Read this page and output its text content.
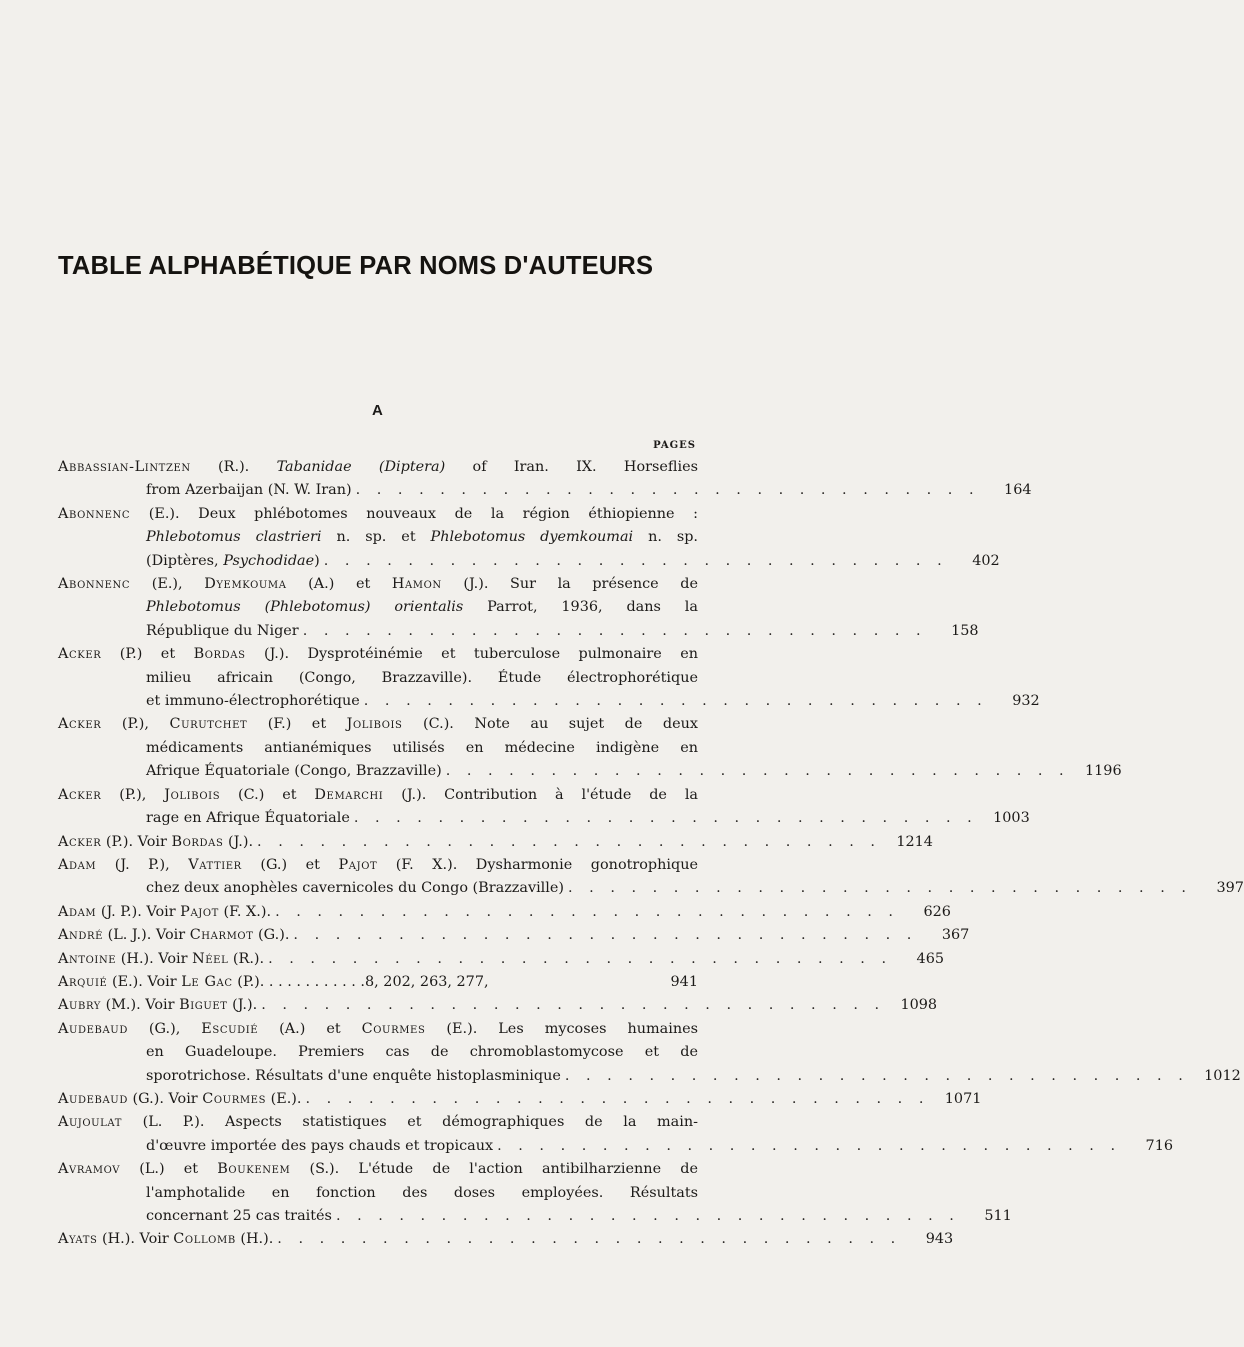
TABLE ALPHABÉTIQUE PAR NOMS D'AUTEURS
A
PAGES
Abbassian-Lintzen (R.). Tabanidae (Diptera) of Iran. IX. Horseflies
from Azerbaijan (N. W. Iran) . . . . . . . . . . . . . . . . . . . . . . . . . . . . . .	164
Abonnenc (E.). Deux phlébotomes nouveaux de la région éthiopienne :
Phlebotomus clastrieri n. sp. et Phlebotomus dyemkoumai n. sp.
(Diptères, Psychodidae) . . . . . . . . . . . . . . . . . . . . . . . . . . . . . .	402
Abonnenc (E.), Dyemkouma (A.) et Hamon (J.). Sur la présence de
Phlebotomus (Phlebotomus) orientalis Parrot, 1936, dans la
République du Niger . . . . . . . . . . . . . . . . . . . . . . . . . . . . . .	158
Acker (P.) et Bordas (J.). Dysprotéinémie et tuberculose pulmonaire en
milieu africain (Congo, Brazzaville). Étude électrophorétique
et immuno-électrophorétique . . . . . . . . . . . . . . . . . . . . . . . . . . . . . .	932
Acker (P.), Curutchet (F.) et Jolibois (C.). Note au sujet de deux
médicaments antianémiques utilisés en médecine indigène en
Afrique Équatoriale (Congo, Brazzaville) . . . . . . . . . . . . . . . . . . . . . . . . . . . . . .	1196
Acker (P.), Jolibois (C.) et Demarchi (J.). Contribution à l'étude de la
rage en Afrique Équatoriale . . . . . . . . . . . . . . . . . . . . . . . . . . . . . .	1003
Acker (P.). Voir Bordas (J.). . . . . . . . . . . . . . . . . . . . . . . . . . . . . . .	1214
Adam (J. P.), Vattier (G.) et Pajot (F. X.). Dysharmonie gonotrophique
chez deux anophèles cavernicoles du Congo (Brazzaville) . . . . . . . . . . . . . . . . . . . . . . . . . . . . . .	397
Adam (J. P.). Voir Pajot (F. X.). . . . . . . . . . . . . . . . . . . . . . . . . . . . . . .	626
André (L. J.). Voir Charmot (G.). . . . . . . . . . . . . . . . . . . . . . . . . . . . . . .	367
Antoine (H.). Voir Néel (R.). . . . . . . . . . . . . . . . . . . . . . . . . . . . . . .	465
Arquié (E.). Voir Le Gac (P.). . . . . . . . . . . .8, 202, 263, 277,	941
Aubry (M.). Voir Biguet (J.). . . . . . . . . . . . . . . . . . . . . . . . . . . . . . .	1098
Audebaud (G.), Escudié (A.) et Courmes (E.). Les mycoses humaines
en Guadeloupe. Premiers cas de chromoblastomycose et de
sporotrichose. Résultats d'une enquête histoplasminique . . . . . . . . . . . . . . . . . . . . . . . . . . . . . .	1012
Audebaud (G.). Voir Courmes (E.). . . . . . . . . . . . . . . . . . . . . . . . . . . . . . .	1071
Aujoulat (L. P.). Aspects statistiques et démographiques de la main-
d'œuvre importée des pays chauds et tropicaux . . . . . . . . . . . . . . . . . . . . . . . . . . . . . .	716
Avramov (L.) et Boukenem (S.). L'étude de l'action antibilharzienne de
l'amphotalide en fonction des doses employées. Résultats
concernant 25 cas traités . . . . . . . . . . . . . . . . . . . . . . . . . . . . . .	511
Ayats (H.). Voir Collomb (H.). . . . . . . . . . . . . . . . . . . . . . . . . . . . . . .	943
